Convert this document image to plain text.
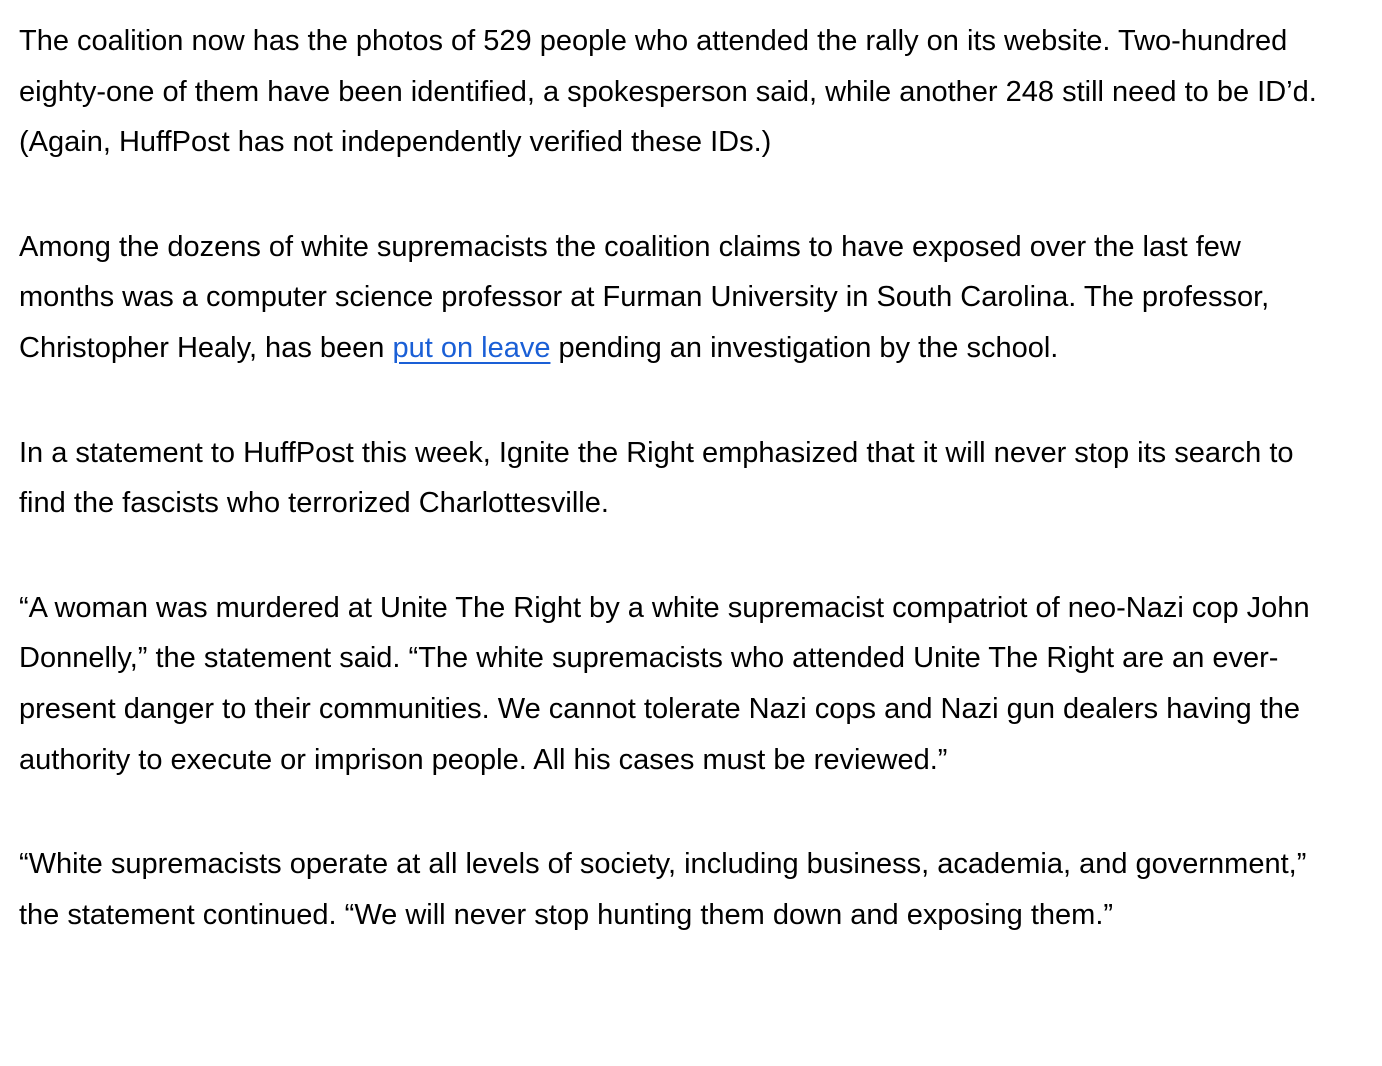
The coalition now has the photos of 529 people who attended the rally on its website. Two-hundred eighty-one of them have been identified, a spokesperson said, while another 248 still need to be ID’d. (Again, HuffPost has not independently verified these IDs.)

Among the dozens of white supremacists the coalition claims to have exposed over the last few months was a computer science professor at Furman University in South Carolina. The professor, Christopher Healy, has been put on leave pending an investigation by the school.

In a statement to HuffPost this week, Ignite the Right emphasized that it will never stop its search to find the fascists who terrorized Charlottesville.

“A woman was murdered at Unite The Right by a white supremacist compatriot of neo-Nazi cop John Donnelly,” the statement said. “The white supremacists who attended Unite The Right are an ever-present danger to their communities. We cannot tolerate Nazi cops and Nazi gun dealers having the authority to execute or imprison people. All his cases must be reviewed.”

“White supremacists operate at all levels of society, including business, academia, and government,” the statement continued. “We will never stop hunting them down and exposing them.”
